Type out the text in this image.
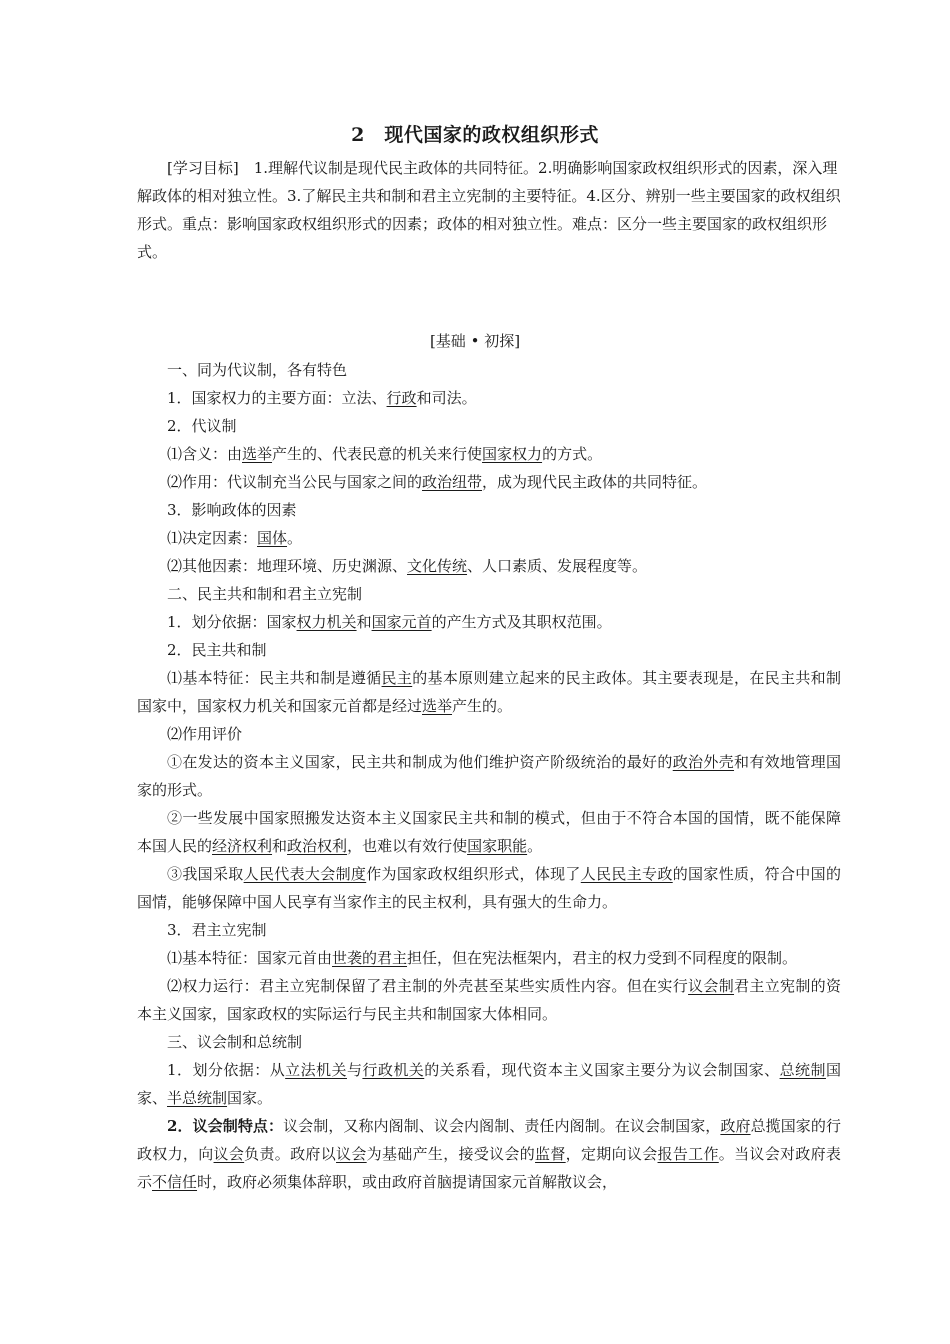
2　现代国家的政权组织形式
[学习目标]　1.理解代议制是现代民主政体的共同特征。2.明确影响国家政权组织形式的因素，深入理解政体的相对独立性。3.了解民主共和制和君主立宪制的主要特征。4.区分、辨别一些主要国家的政权组织形式。重点：影响国家政权组织形式的因素；政体的相对独立性。难点：区分一些主要国家的政权组织形式。
[基础 • 初探]
一、同为代议制，各有特色
1．国家权力的主要方面：立法、行政和司法。
2．代议制
⑴含义：由选举产生的、代表民意的机关来行使国家权力的方式。
⑵作用：代议制充当公民与国家之间的政治纽带，成为现代民主政体的共同特征。
3．影响政体的因素
⑴决定因素：国体。
⑵其他因素：地理环境、历史渊源、文化传统、人口素质、发展程度等。
二、民主共和制和君主立宪制
1．划分依据：国家权力机关和国家元首的产生方式及其职权范围。
2．民主共和制
⑴基本特征：民主共和制是遵循民主的基本原则建立起来的民主政体。其主要表现是，在民主共和制国家中，国家权力机关和国家元首都是经过选举产生的。
⑵作用评价
①在发达的资本主义国家，民主共和制成为他们维护资产阶级统治的最好的政治外壳和有效地管理国家的形式。
②一些发展中国家照搬发达资本主义国家民主共和制的模式，但由于不符合本国的国情，既不能保障本国人民的经济权利和政治权利，也难以有效行使国家职能。
③我国采取人民代表大会制度作为国家政权组织形式，体现了人民民主专政的国家性质，符合中国的国情，能够保障中国人民享有当家作主的民主权利，具有强大的生命力。
3．君主立宪制
⑴基本特征：国家元首由世袭的君主担任，但在宪法框架内，君主的权力受到不同程度的限制。
⑵权力运行：君主立宪制保留了君主制的外壳甚至某些实质性内容。但在实行议会制君主立宪制的资本主义国家，国家政权的实际运行与民主共和制国家大体相同。
三、议会制和总统制
1．划分依据：从立法机关与行政机关的关系看，现代资本主义国家主要分为议会制国家、总统制国家、半总统制国家。
2．议会制特点：议会制，又称内阁制、议会内阁制、责任内阁制。在议会制国家，政府总揽国家的行政权力，向议会负责。政府以议会为基础产生，接受议会的监督，定期向议会报告工作。当议会对政府表示不信任时，政府必须集体辞职，或由政府首脑提请国家元首解散议会，
